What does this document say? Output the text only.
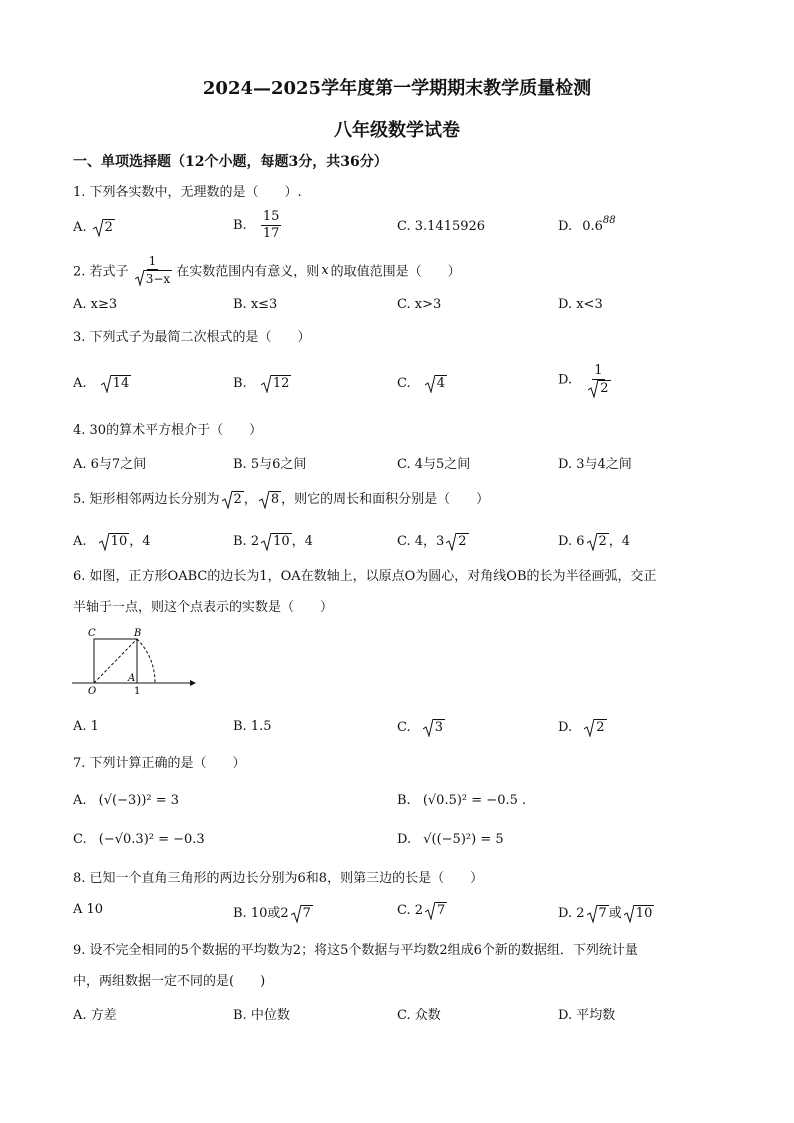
2024—2025学年度第一学期期末教学质量检测
八年级数学试卷
一、单项选择题（12个小题，每题3分，共36分）
1. 下列各实数中，无理数的是（　　）.
A. 2	B. $\frac{15}{17}$	C. 3.1415926	D. $0.6^{88}$
2. 若式子 $\frac{1}{3-x}$ 在实数范围内有意义，则 x 的取值范围是（　　）
A. x≥3	B. x≤3	C. x>3	D. x<3
3. 下列式子为最简二次根式的是（　　）
A. 14	B. 12	C. 4	D. $\frac{1}{2}$
4. 30的算术平方根介于（　　）
A. 6与7之间	B. 5与6之间	C. 4与5之间	D. 3与4之间
5. 矩形相邻两边长分别为 2 ， 8 ，则它的周长和面积分别是（　　）
A. 10 ，4	B. 2 10 ，4	C. 4，3 2	D. 6 2 ，4
6. 如图，正方形OABC的边长为1，OA在数轴上，以原点O为圆心，对角线OB的长为半径画弧，交正
半轴于一点，则这个点表示的实数是（　　）
C	B
O
A
1
A. 1	B. 1.5	C. 3	D. 2
7. 下列计算正确的是（　　）
A. (√(−3))² = 3	B. (√0.5)² = −0.5 .
C. (−√0.3)² = −0.3	D. √((−5)²) = 5
8. 已知一个直角三角形的两边长分别为6和8，则第三边的长是（　　）
A 10	B. 10或2 7	C. 2 7	D. 2 7 或 10
9. 设不完全相同的5个数据的平均数为2；将这5个数据与平均数2组成6个新的数据组．下列统计量
中，两组数据一定不同的是(　　)
A. 方差	B. 中位数	C. 众数	D. 平均数
